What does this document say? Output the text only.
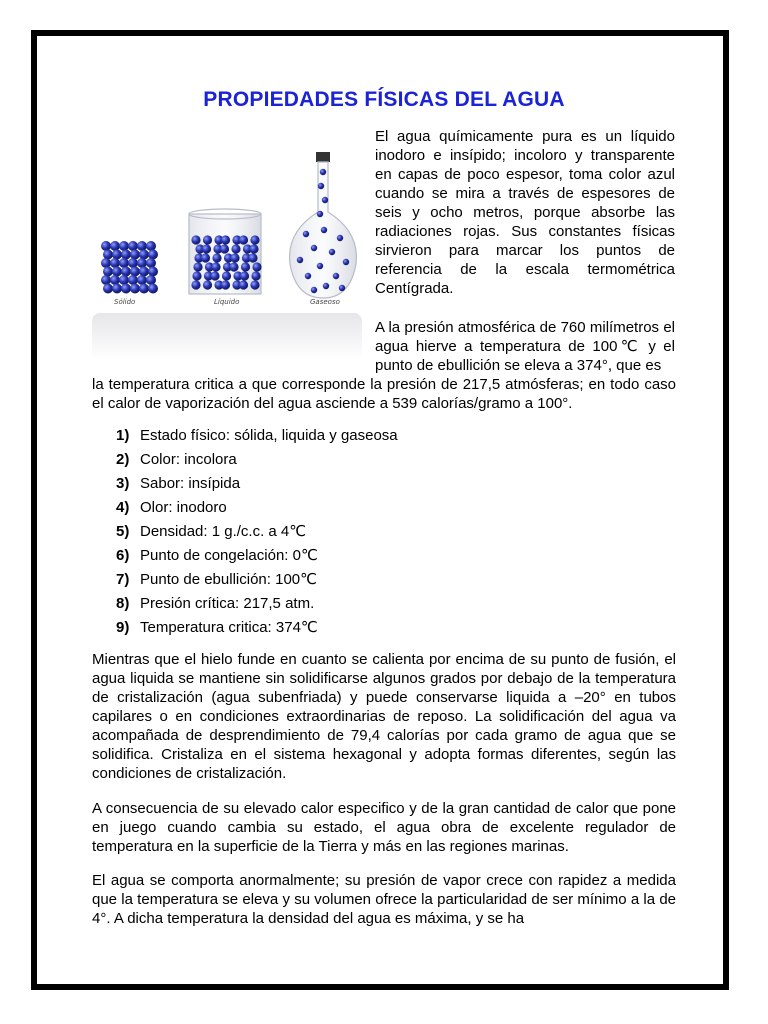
PROPIEDADES FÍSICAS DEL AGUA
Sólido	Líquido	Gaseoso

El agua químicamente pura es un líquido inodoro e insípido; incoloro y transparente en capas de poco espesor, toma color azul cuando se mira a través de espesores de seis y ocho metros, porque absorbe las radiaciones rojas. Sus constantes físicas sirvieron para marcar los puntos de referencia de la escala termométrica Centígrada.

A la presión atmosférica de 760 milímetros el agua hierve a temperatura de 100℃ y el punto de ebullición se eleva a 374°, que es

la temperatura critica a que corresponde la presión de 217,5 atmósferas; en todo caso el calor de vaporización del agua asciende a 539 calorías/gramo a 100°.

1) Estado físico: sólida, liquida y gaseosa
2) Color: incolora
3) Sabor: insípida
4) Olor: inodoro
5) Densidad: 1 g./c.c. a 4℃
6) Punto de congelación: 0℃
7) Punto de ebullición: 100℃
8) Presión crítica: 217,5 atm.
9) Temperatura critica: 374℃

Mientras que el hielo funde en cuanto se calienta por encima de su punto de fusión, el agua liquida se mantiene sin solidificarse algunos grados por debajo de la temperatura de cristalización (agua subenfriada) y puede conservarse liquida a –20° en tubos capilares o en condiciones extraordinarias de reposo. La solidificación del agua va acompañada de desprendimiento de 79,4 calorías por cada gramo de agua que se solidifica. Cristaliza en el sistema hexagonal y adopta formas diferentes, según las condiciones de cristalización.

A consecuencia de su elevado calor especifico y de la gran cantidad de calor que pone en juego cuando cambia su estado, el agua obra de excelente regulador de temperatura en la superficie de la Tierra y más en las regiones marinas.

El agua se comporta anormalmente; su presión de vapor crece con rapidez a medida que la temperatura se eleva y su volumen ofrece la particularidad de ser mínimo a la de 4°. A dicha temperatura la densidad del agua es máxima, y se ha
